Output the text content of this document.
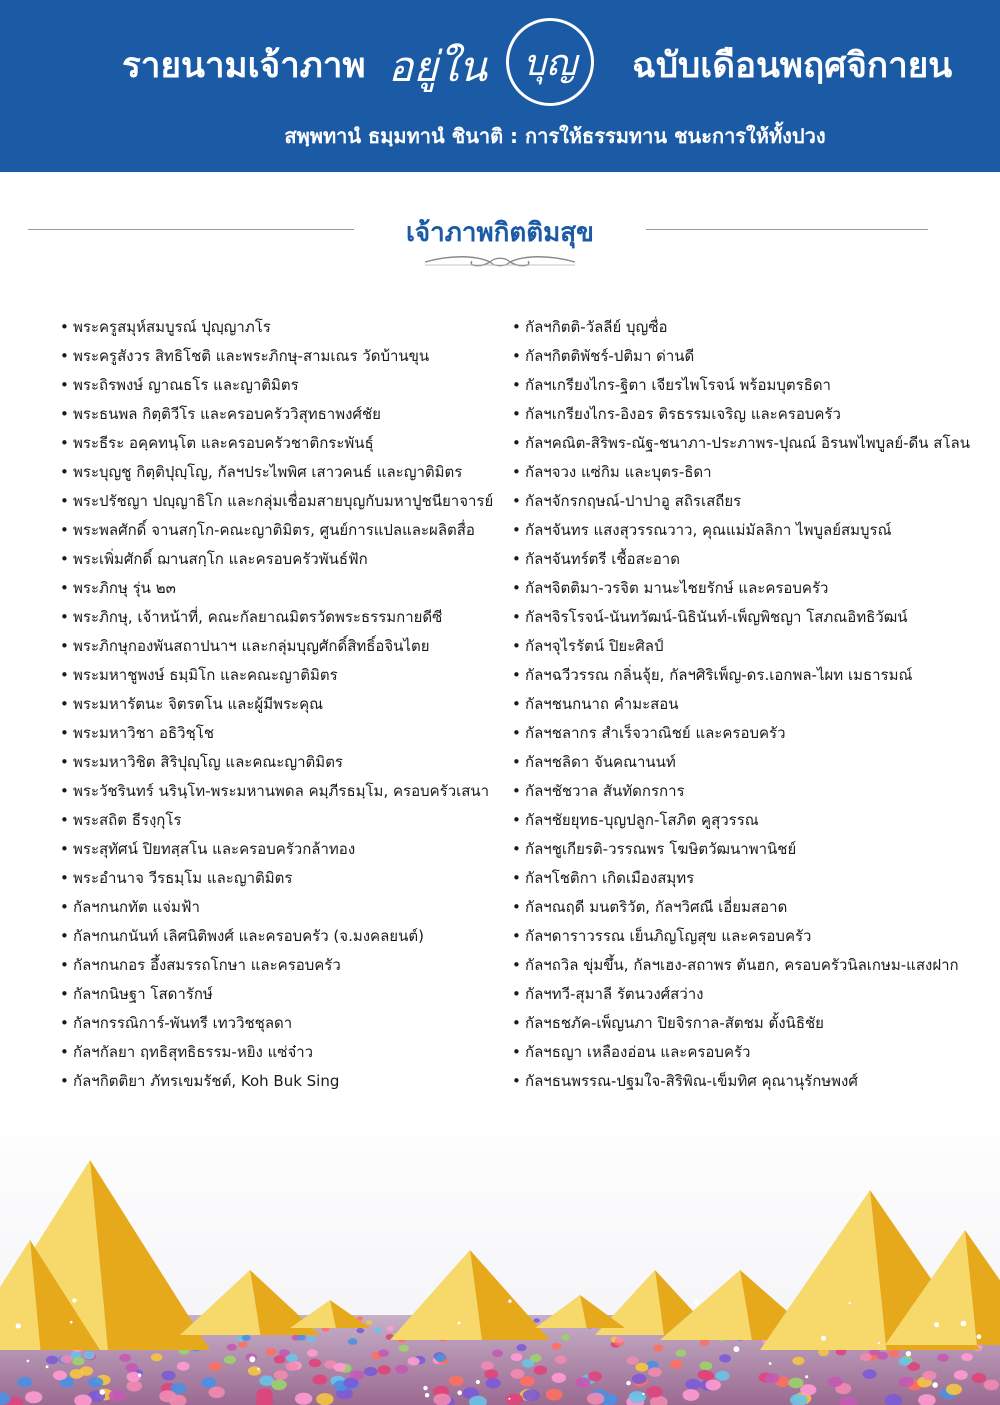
รายนามเจ้าภาพ อยู่ใน บุญ ฉบับเดือนพฤศจิกายน
สพฺพทานํ ธมฺมทานํ ชินาติ : การให้ธรรมทาน ชนะการให้ทั้งปวง
เจ้าภาพกิตติมสุข
• พระครูสมุห์สมบูรณ์ ปุญฺญาภโร
• พระครูสังวร สิทธิโชติ และพระภิกษุ-สามเณร วัดบ้านขุน
• พระถิรพงษ์ ญาณธโร และญาติมิตร
• พระธนพล กิตฺติวีโร และครอบครัววิสุทธาพงศ์ชัย
• พระธีระ อคฺคทนฺโต และครอบครัวชาติกระพันธุ์
• พระบุญชู กิตฺติปุญฺโญ, กัลฯประไพพิศ เสาวคนธ์ และญาติมิตร
• พระปรัชญา ปญฺญาธิโก และกลุ่มเชื่อมสายบุญกับมหาปูชนียาจารย์
• พระพลศักดิ์ จานสกฺโก-คณะญาติมิตร, ศูนย์การแปลและผลิตสื่อ
• พระเพิ่มศักดิ์ ฌานสกฺโก และครอบครัวพันธ์ฟัก
• พระภิกษุ รุ่น ๒๓
• พระภิกษุ, เจ้าหน้าที่, คณะกัลยาณมิตรวัดพระธรรมกายดีซี
• พระภิกษุกองพันสถาปนาฯ และกลุ่มบุญศักดิ์สิทธิ์อจินไตย
• พระมหาชูพงษ์ ธมฺมิโก และคณะญาติมิตร
• พระมหารัตนะ จิตรตโน และผู้มีพระคุณ
• พระมหาวิชา อธิวิชฺโช
• พระมหาวิชิต สิริปุญฺโญ และคณะญาติมิตร
• พระวัชรินทร์ นรินฺโท-พระมหานพดล คมฺภีรธมฺโม, ครอบครัวเสนา
• พระสถิต ธีรงฺกุโร
• พระสุทัศน์ ปิยทสฺสโน และครอบครัวกล้าทอง
• พระอำนาจ วีรธมฺโม และญาติมิตร
• กัลฯกนกทัต แจ่มฟ้า
• กัลฯกนกนันท์ เลิศนิติพงศ์ และครอบครัว (จ.มงคลยนต์)
• กัลฯกนกอร อึ้งสมรรถโกษา และครอบครัว
• กัลฯกนิษฐา โสดารักษ์
• กัลฯกรรณิการ์-พันทรี เทววิชชุลดา
• กัลฯกัลยา ฤทธิสุทธิธรรม-หยิง แซ่จ๋าว
• กัลฯกิตติยา ภัทรเขมรัชต์, Koh Buk Sing
• กัลฯกิตติ-วัลลีย์ บุญซื่อ
• กัลฯกิตติพัชร์-ปติมา ด่านดี
• กัลฯเกรียงไกร-ฐิตา เจียรไพโรจน์ พร้อมบุตรธิดา
• กัลฯเกรียงไกร-อิงอร ติรธรรมเจริญ และครอบครัว
• กัลฯคณิต-สิริพร-ณัฐ-ชนาภา-ประภาพร-ปุณณ์ อิรนพไพบูลย์-ดีน สโลน
• กัลฯจวง แซ่กิม และบุตร-ธิดา
• กัลฯจักรกฤษณ์-ปาปาอู สถิรเสถียร
• กัลฯจันทร แสงสุวรรณวาว, คุณแม่มัลลิกา ไพบูลย์สมบูรณ์
• กัลฯจันทร์ตรี เชื้อสะอาด
• กัลฯจิตติมา-วรจิต มานะไชยรักษ์ และครอบครัว
• กัลฯจิรโรจน์-นันทวัฒน์-นิธินันท์-เพ็ญพิชญา โสภณอิทธิวัฒน์
• กัลฯจุไรรัตน์ ปิยะศิลป์
• กัลฯฉวีวรรณ กลิ่นจุ้ย, กัลฯศิริเพ็ญ-ดร.เอกพล-ไผท เมธารมณ์
• กัลฯชนกนาถ คำมะสอน
• กัลฯชลากร สำเร็จวาณิชย์ และครอบครัว
• กัลฯชลิดา จันคณานนท์
• กัลฯชัชวาล สันทัดกรการ
• กัลฯชัยยุทธ-บุญปลูก-โสภิต คูสุวรรณ
• กัลฯชูเกียรติ-วรรณพร โฆษิตวัฒนาพานิชย์
• กัลฯโชติกา เกิดเมืองสมุทร
• กัลฯณฤดี มนตริวัต, กัลฯวิศณี เอี่ยมสอาด
• กัลฯดาราวรรณ เย็นภิญโญสุข และครอบครัว
• กัลฯถวิล ขุ่มขึ้น, กัลฯเฮง-สถาพร ตันฮก, ครอบครัวนิลเกษม-แสงฝาก
• กัลฯทวี-สุมาลี รัตนวงศ์สว่าง
• กัลฯธชภัค-เพ็ญนภา ปิยจิรกาล-สัตชม ตั้งนิธิชัย
• กัลฯธญา เหลืองอ่อน และครอบครัว
• กัลฯธนพรรณ-ปฐมใจ-สิริพิณ-เข็มทิศ คุณานุรักษพงศ์
